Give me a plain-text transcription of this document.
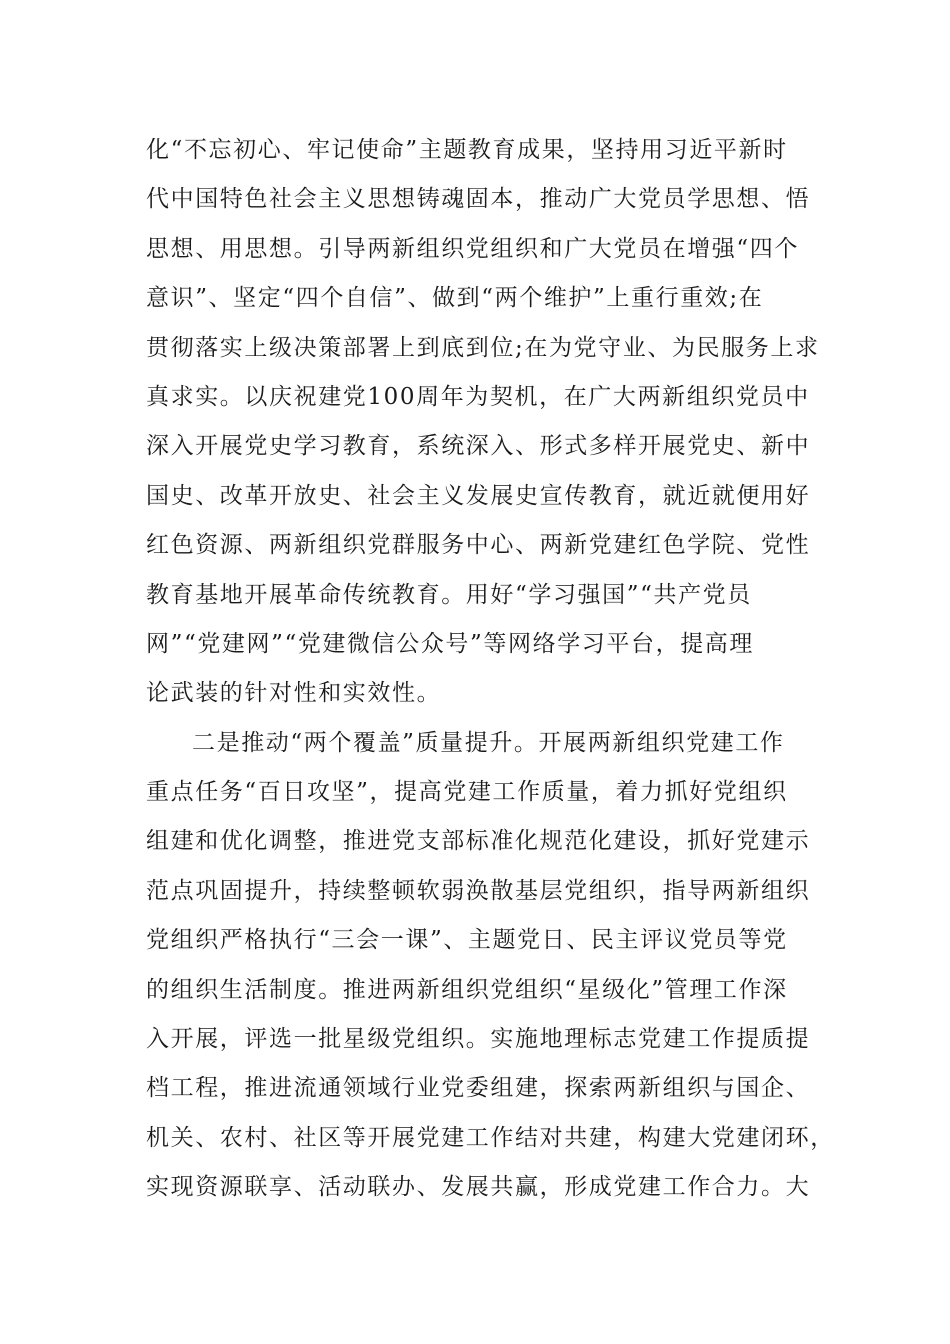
化“不忘初心、牢记使命”主题教育成果，坚持用习近平新时
代中国特色社会主义思想铸魂固本，推动广大党员学思想、悟
思想、用思想。引导两新组织党组织和广大党员在增强“四个
意识”、坚定“四个自信”、做到“两个维护”上重行重效;在
贯彻落实上级决策部署上到底到位;在为党守业、为民服务上求
真求实。以庆祝建党100周年为契机，在广大两新组织党员中
深入开展党史学习教育，系统深入、形式多样开展党史、新中
国史、改革开放史、社会主义发展史宣传教育，就近就便用好
红色资源、两新组织党群服务中心、两新党建红色学院、党性
教育基地开展革命传统教育。用好“学习强国”“共产党员
网”“党建网”“党建微信公众号”等网络学习平台，提高理
论武装的针对性和实效性。
二是推动“两个覆盖”质量提升。开展两新组织党建工作
重点任务“百日攻坚”，提高党建工作质量，着力抓好党组织
组建和优化调整，推进党支部标准化规范化建设，抓好党建示
范点巩固提升，持续整顿软弱涣散基层党组织，指导两新组织
党组织严格执行“三会一课”、主题党日、民主评议党员等党
的组织生活制度。推进两新组织党组织“星级化”管理工作深
入开展，评选一批星级党组织。实施地理标志党建工作提质提
档工程，推进流通领域行业党委组建，探索两新组织与国企、
机关、农村、社区等开展党建工作结对共建，构建大党建闭环，
实现资源联享、活动联办、发展共赢，形成党建工作合力。大
